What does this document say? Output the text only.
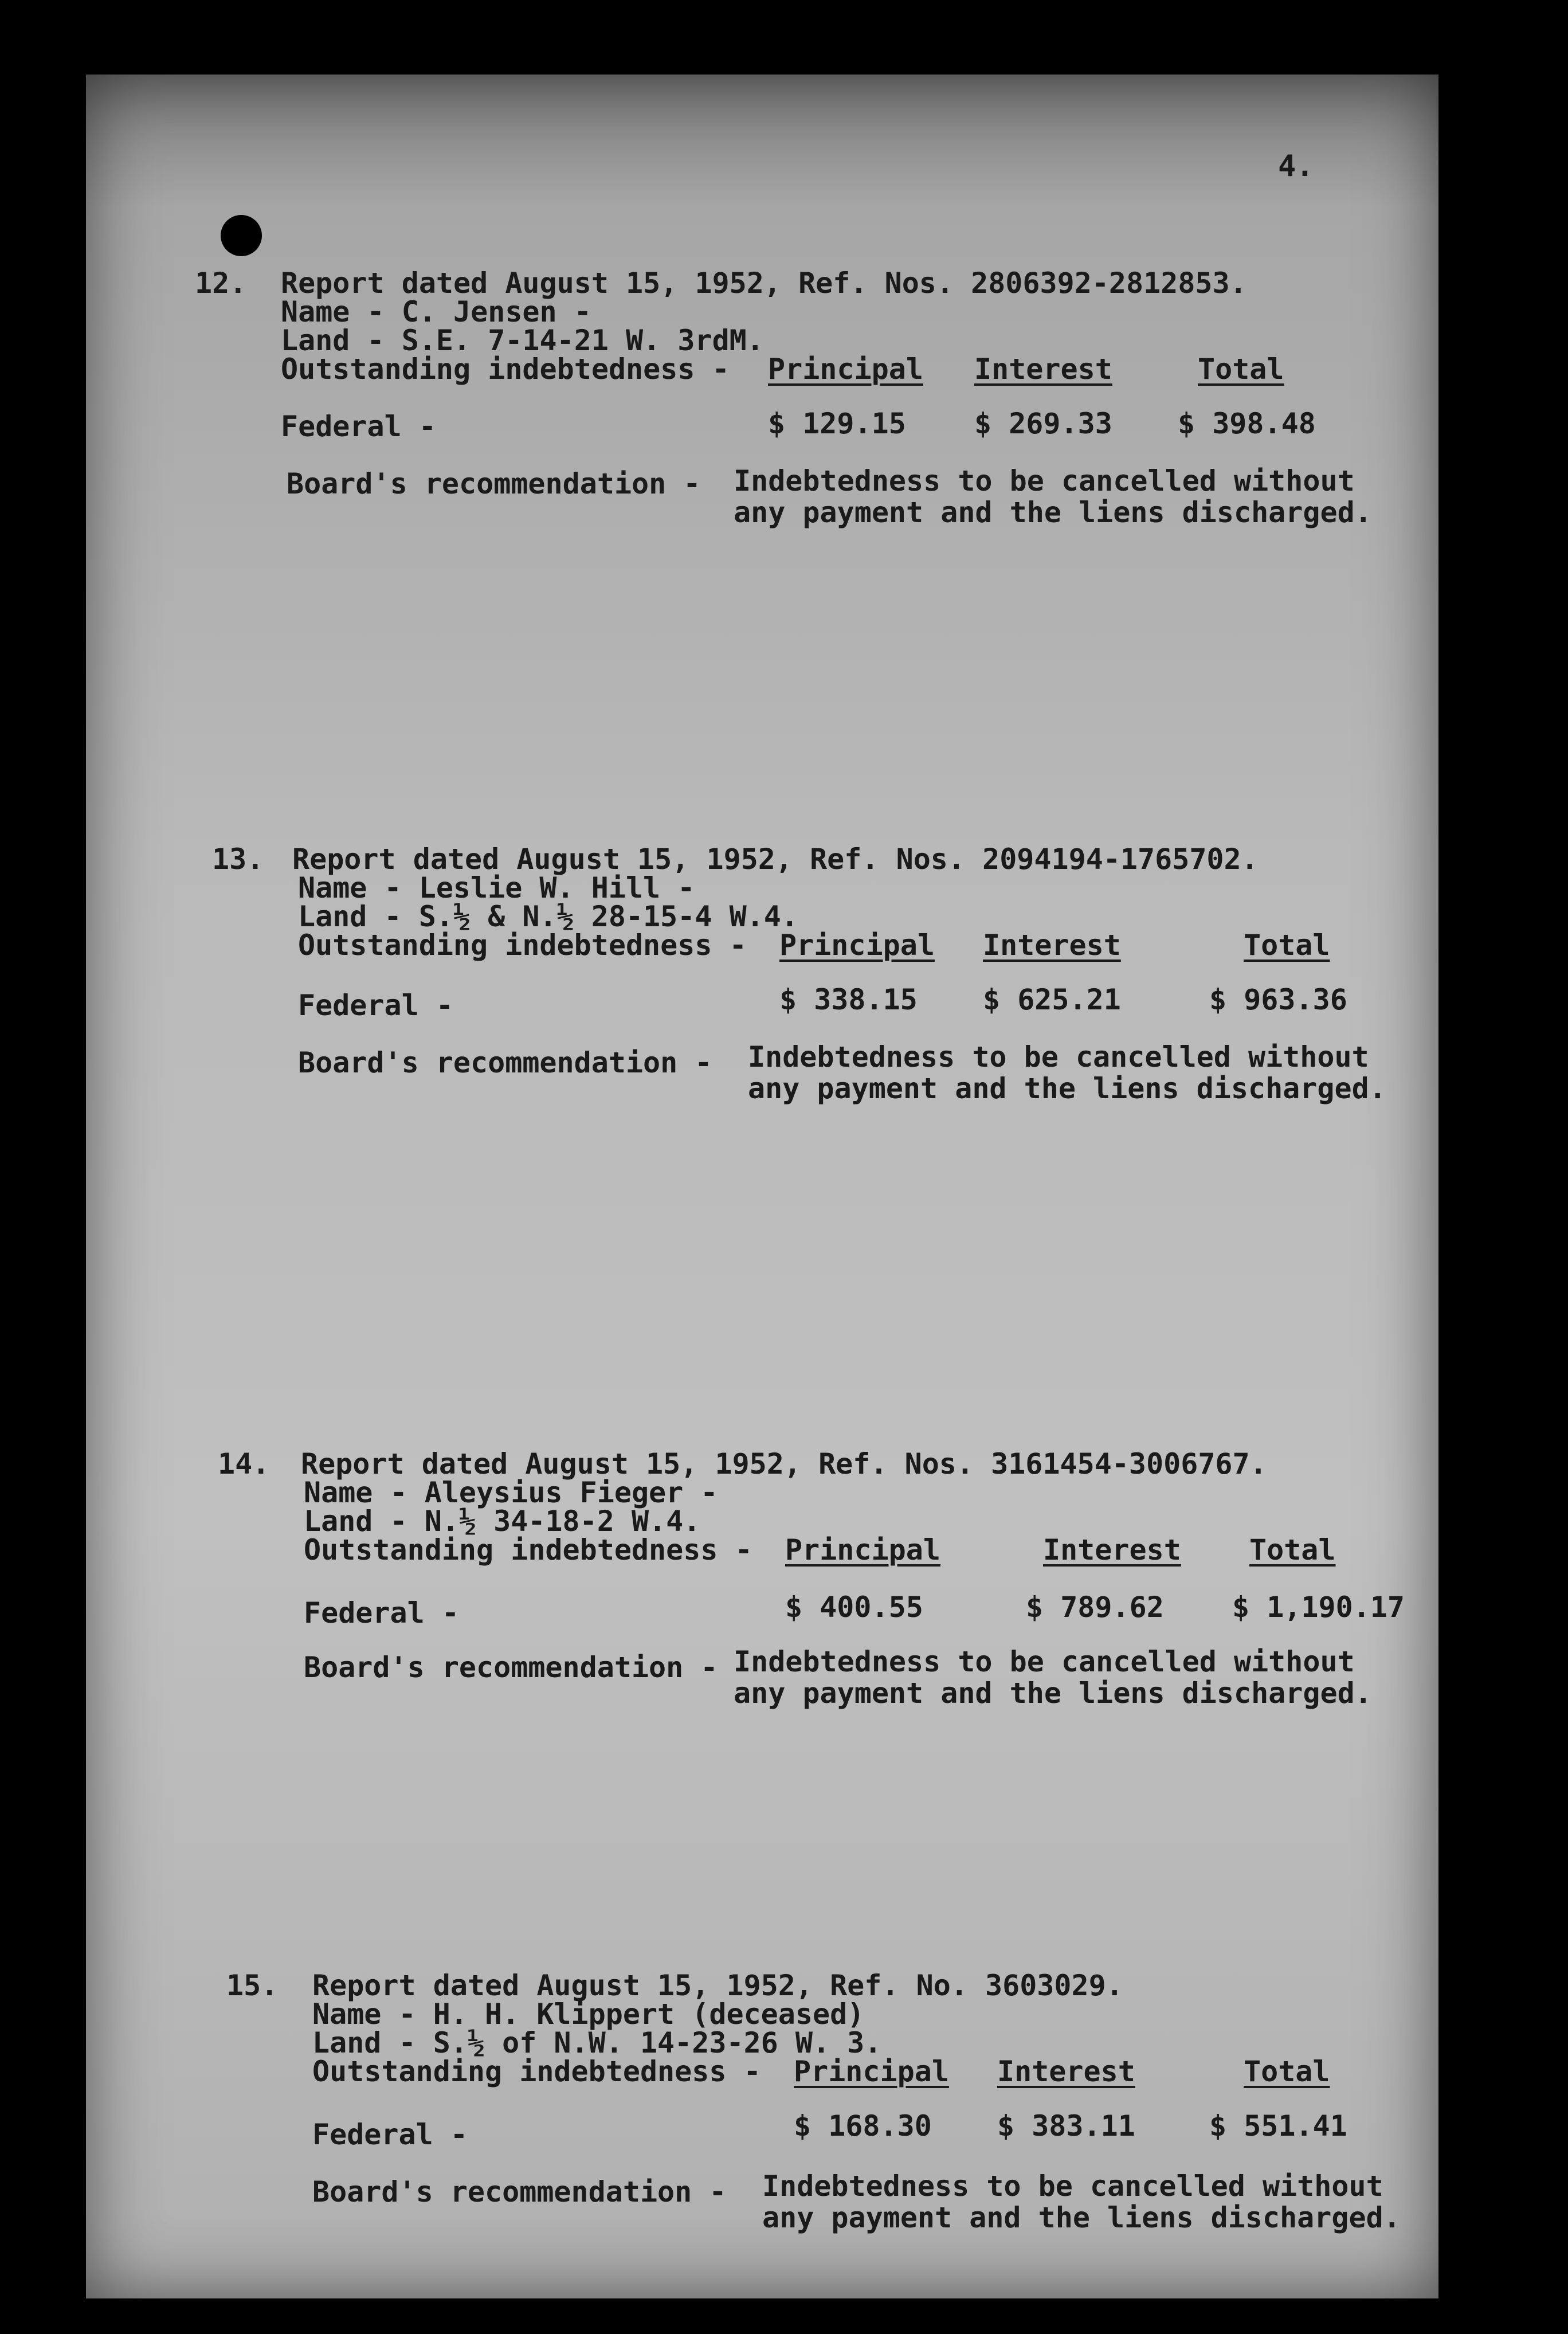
4.
12. Report dated August 15, 1952, Ref. Nos. 2806392-2812853.
Name - C. Jensen -
Land - S.E. 7-14-21 W. 3rdM.
Outstanding indebtedness - Principal Interest	Total
Federal -	$ 129.15 $ 269.33 $ 398.48
Board's recommendation - Indebtedness to be cancelled without
any payment and the liens discharged.
13. Report dated August 15, 1952, Ref. Nos. 2094194-1765702.
Name - Leslie W. Hill -
Land - S.½ & N.½ 28-15-4 W.4.
Outstanding indebtedness - Principal Interest	Total
Federal -	$ 338.15 $ 625.21	$ 963.36
Board's recommendation - Indebtedness to be cancelled without
any payment and the liens discharged.
14. Report dated August 15, 1952, Ref. Nos. 3161454-3006767.
Name - Aleysius Fieger -
Land - N.½ 34-18-2 W.4.
Outstanding indebtedness - Principal	Interest Total
Federal -	$ 400.55	$ 789.62 $ 1,190.17
Board's recommendation - Indebtedness to be cancelled without
any payment and the liens discharged.
15. Report dated August 15, 1952, Ref. No. 3603029.
Name - H. H. Klippert (deceased)
Land - S.½ of N.W. 14-23-26 W. 3.
Outstanding indebtedness - Principal Interest	Total
Federal -	$ 168.30 $ 383.11	$ 551.41
Board's recommendation - Indebtedness to be cancelled without
any payment and the liens discharged.
